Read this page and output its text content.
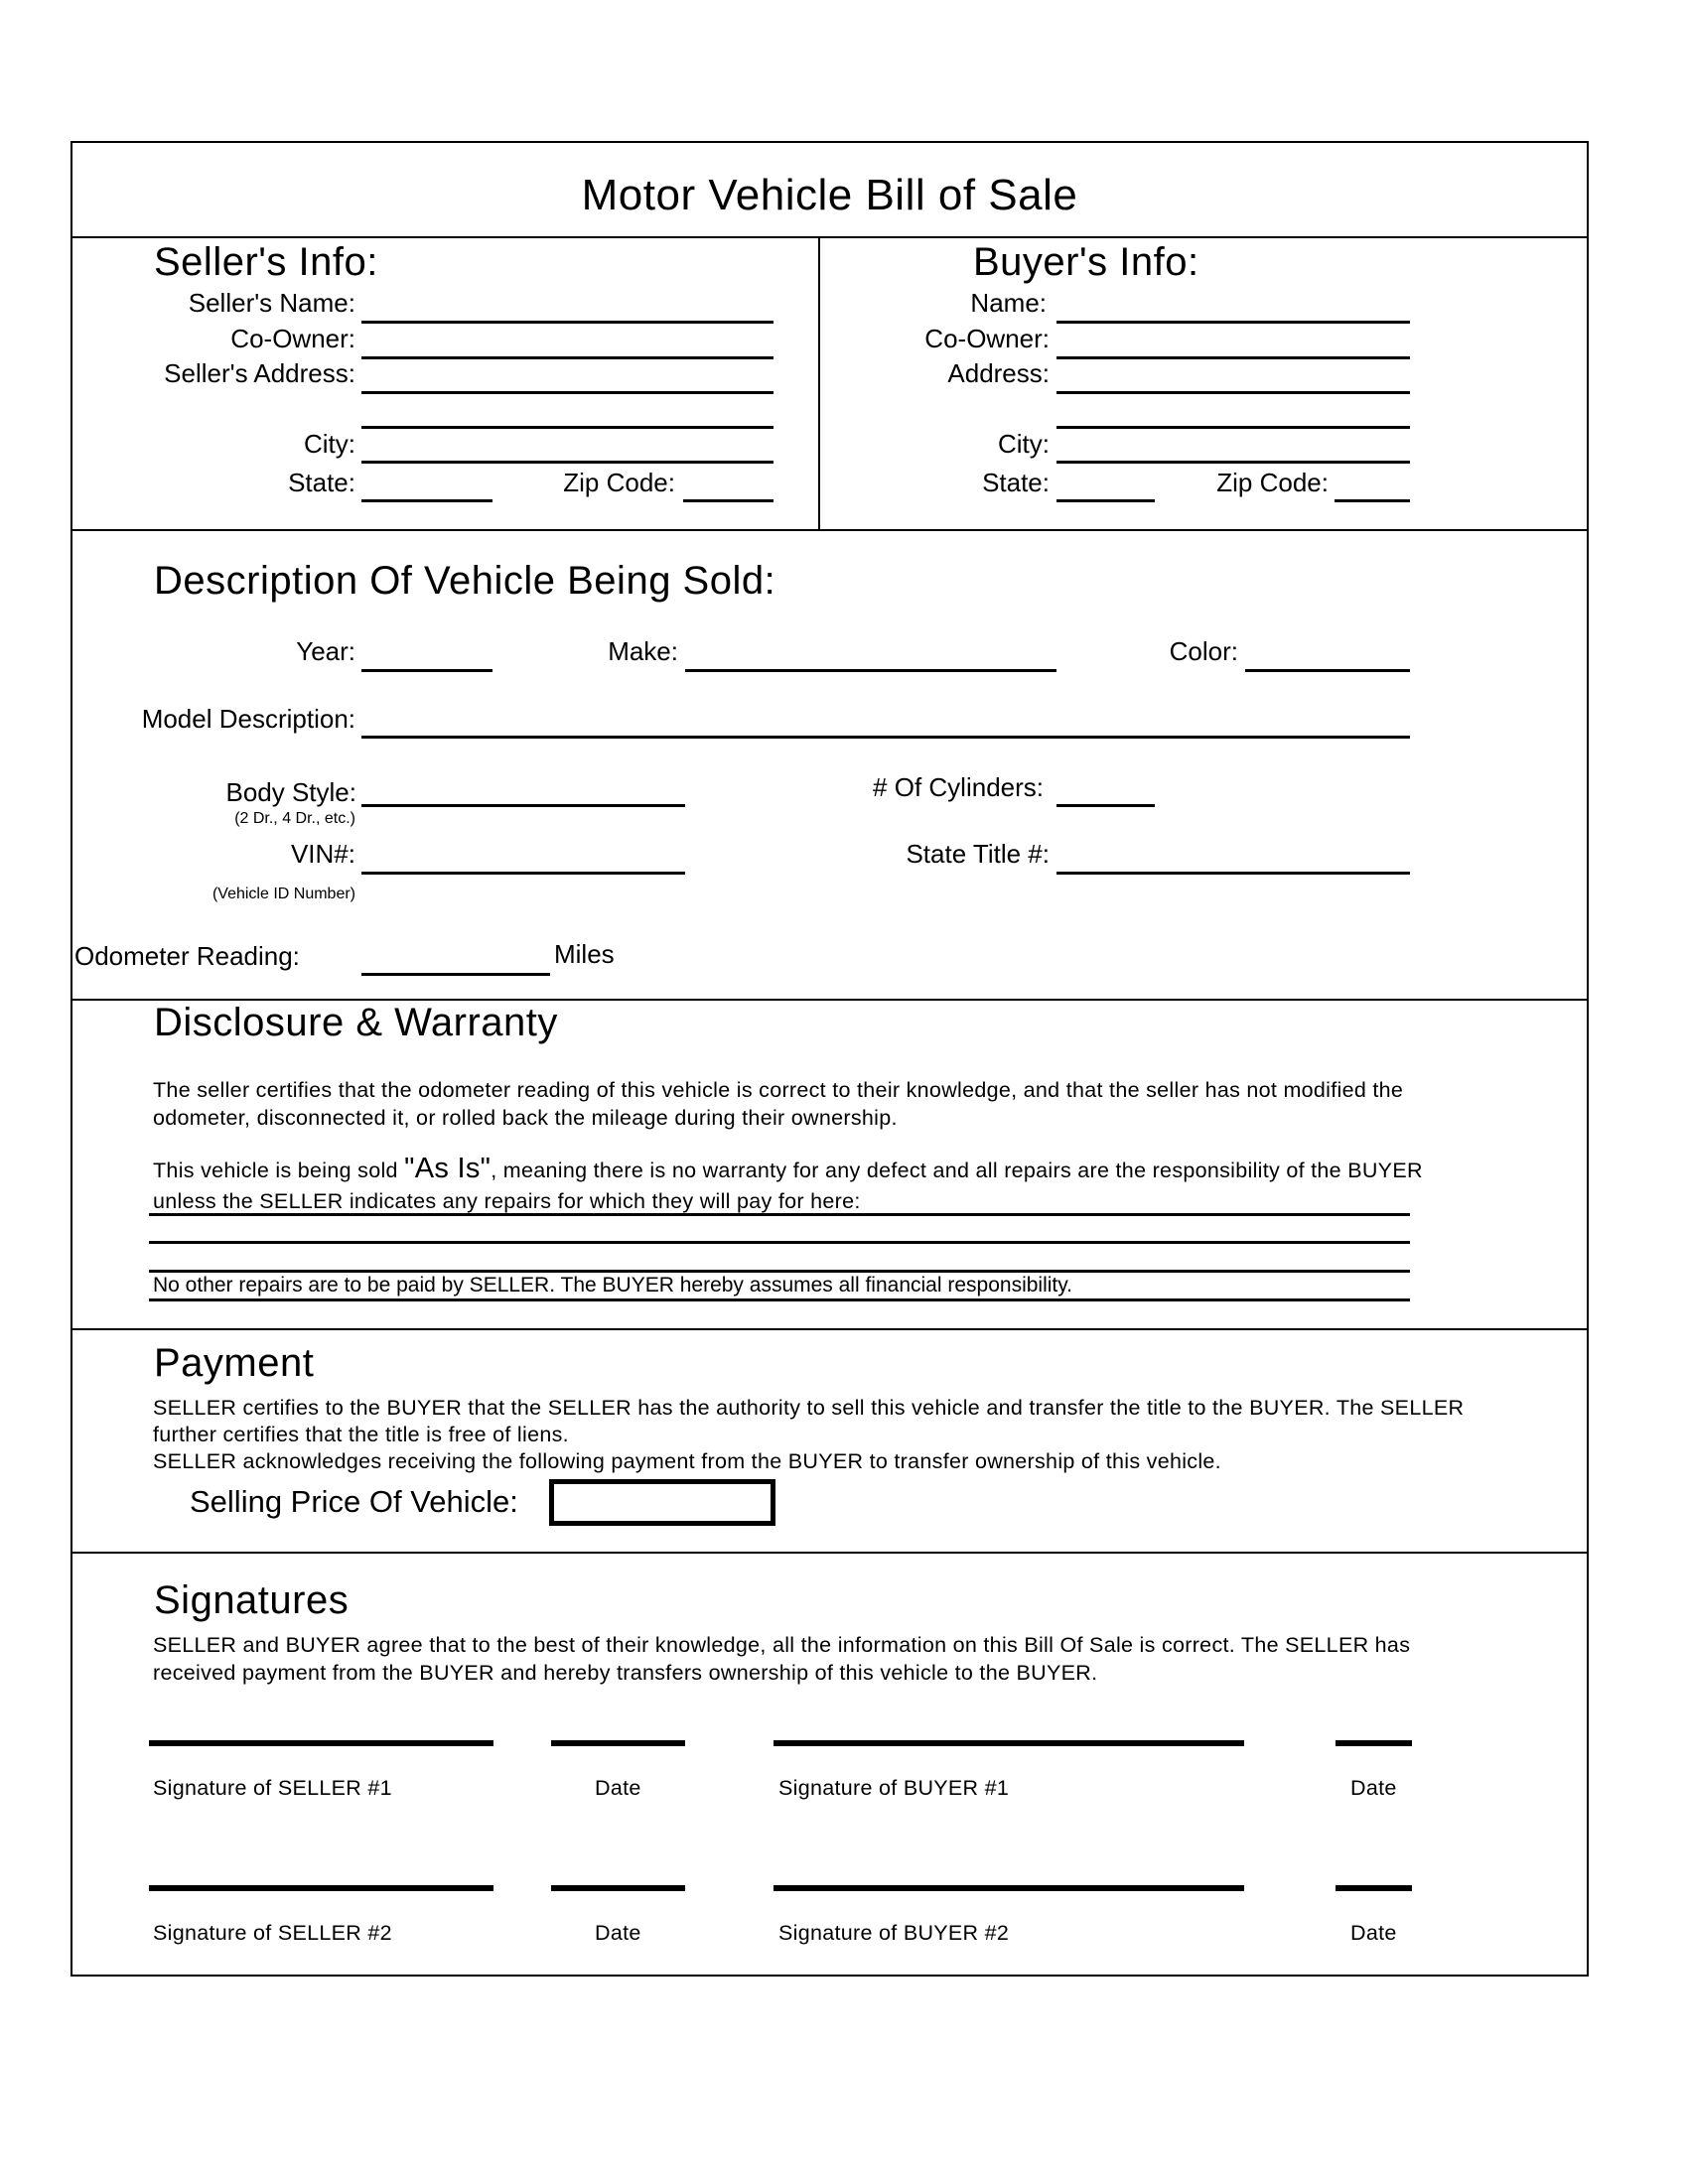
Motor Vehicle Bill of Sale
Seller's Info:
Seller's Name:
Co-Owner:
Seller's Address:
City:
State:	Zip Code:
Buyer's Info:
Name:
Co-Owner:
Address:
City:
State:	Zip Code:
Description Of Vehicle Being Sold:
Year:	Make:	Color:
Model Description:
Body Style:
(2 Dr., 4 Dr., etc.)
# Of Cylinders:
VIN#:
(Vehicle ID Number)
State Title #:
Odometer Reading:	Miles
Disclosure & Warranty
The seller certifies that the odometer reading of this vehicle is correct to their knowledge, and that the seller has not modified the
odometer, disconnected it, or rolled back the mileage during their ownership.
This vehicle is being sold "As Is", meaning there is no warranty for any defect and all repairs are the responsibility of the BUYER
unless the SELLER indicates any repairs for which they will pay for here:
No other repairs are to be paid by SELLER. The BUYER hereby assumes all financial responsibility.
Payment
SELLER certifies to the BUYER that the SELLER has the authority to sell this vehicle and transfer the title to the BUYER. The SELLER
further certifies that the title is free of liens.
SELLER acknowledges receiving the following payment from the BUYER to transfer ownership of this vehicle.
Selling Price Of Vehicle:
Signatures
SELLER and BUYER agree that to the best of their knowledge, all the information on this Bill Of Sale is correct. The SELLER has
received payment from the BUYER and hereby transfers ownership of this vehicle to the BUYER.
Signature of SELLER #1	Date	Signature of BUYER #1	Date
Signature of SELLER #2	Date	Signature of BUYER #2	Date
